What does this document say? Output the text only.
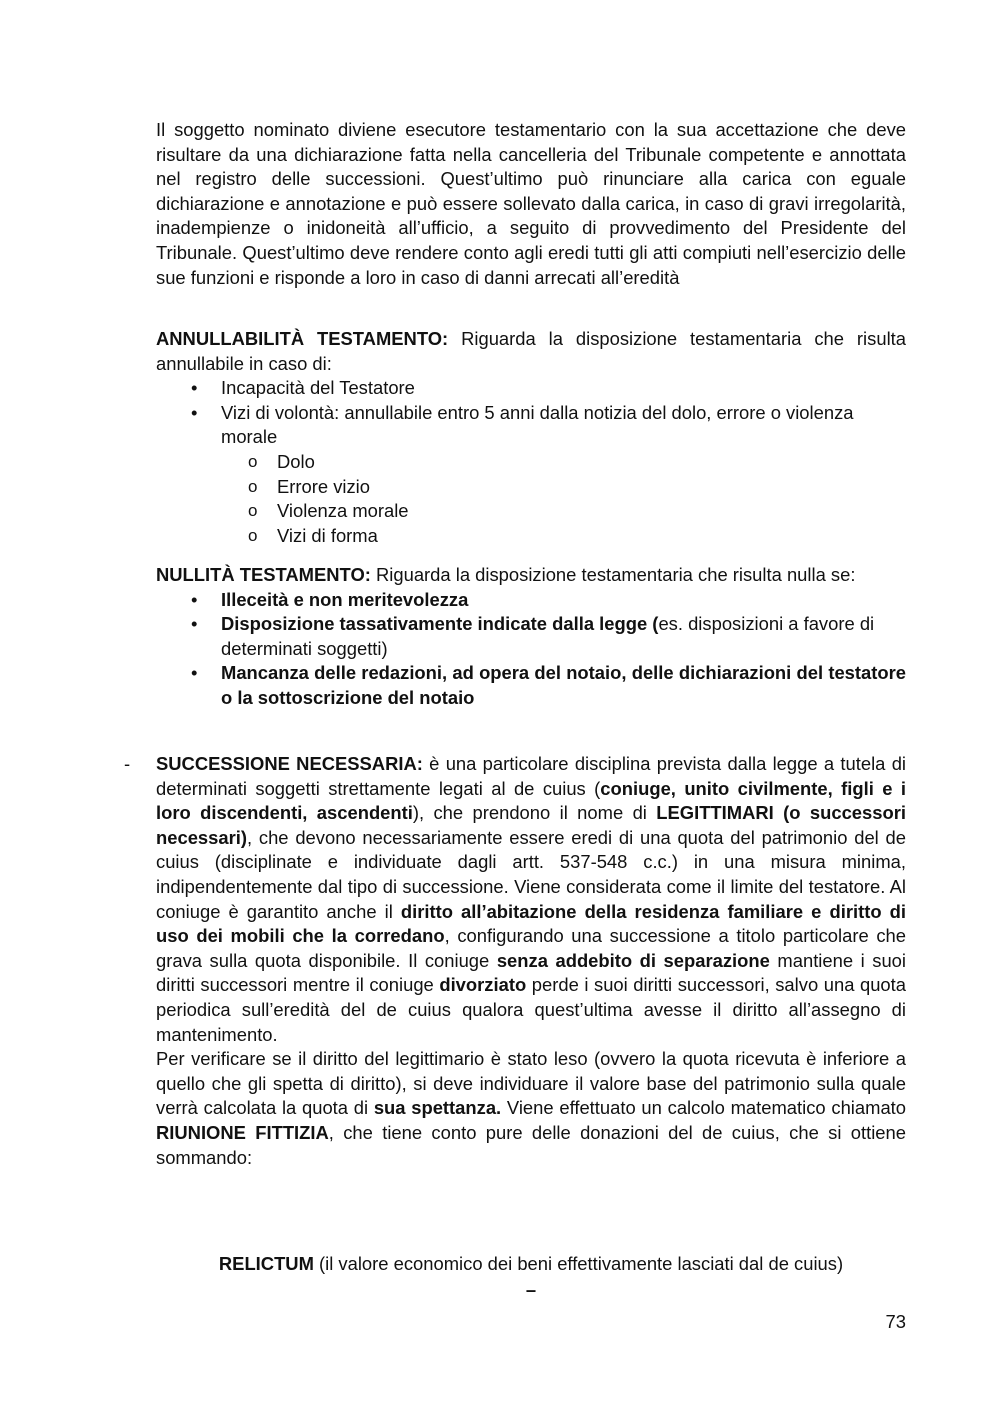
Il soggetto nominato diviene esecutore testamentario con la sua accettazione che deve risultare da una dichiarazione fatta nella cancelleria del Tribunale competente e annottata nel registro delle successioni. Quest’ultimo può rinunciare alla carica con eguale dichiarazione e annotazione e può essere sollevato dalla carica, in caso di gravi irregolarità, inadempienze o inidoneità all’ufficio, a seguito di provvedimento del Presidente del Tribunale. Quest’ultimo deve rendere conto agli eredi tutti gli atti compiuti nell’esercizio delle sue funzioni e risponde a loro in caso di danni arrecati all’eredità

ANNULLABILITÀ TESTAMENTO: Riguarda la disposizione testamentaria che risulta annullabile in caso di:

• Incapacità del Testatore
• Vizi di volontà: annullabile entro 5 anni dalla notizia del dolo, errore o violenza morale
o Dolo
o Errore vizio
o Violenza morale
o Vizi di forma

NULLITÀ TESTAMENTO: Riguarda la disposizione testamentaria che risulta nulla se:

• Illeceità e non meritevolezza
• Disposizione tassativamente indicate dalla legge (es. disposizioni a favore di determinati soggetti)
• Mancanza delle redazioni, ad opera del notaio, delle dichiarazioni del testatore o la sottoscrizione del notaio
- SUCCESSIONE NECESSARIA: è una particolare disciplina prevista dalla legge a tutela di determinati soggetti strettamente legati al de cuius (coniuge, unito civilmente, figli e i loro discendenti, ascendenti), che prendono il nome di LEGITTIMARI (o successori necessari), che devono necessariamente essere eredi di una quota del patrimonio del de cuius (disciplinate e individuate dagli artt. 537-548 c.c.) in una misura minima, indipendentemente dal tipo di successione. Viene considerata come il limite del testatore. Al coniuge è garantito anche il diritto all’abitazione della residenza familiare e diritto di uso dei mobili che la corredano, configurando una successione a titolo particolare che grava sulla quota disponibile. Il coniuge senza addebito di separazione mantiene i suoi diritti successori mentre il coniuge divorziato perde i suoi diritti successori, salvo una quota periodica sull’eredità del de cuius qualora quest’ultima avesse il diritto all’assegno di mantenimento.

Per verificare se il diritto del legittimario è stato leso (ovvero la quota ricevuta è inferiore a quello che gli spetta di diritto), si deve individuare il valore base del patrimonio sulla quale verrà calcolata la quota di sua spettanza. Viene effettuato un calcolo matematico chiamato RIUNIONE FITTIZIA, che tiene conto pure delle donazioni del de cuius, che si ottiene sommando:

RELICTUM (il valore economico dei beni effettivamente lasciati dal de cuius)

–

73
